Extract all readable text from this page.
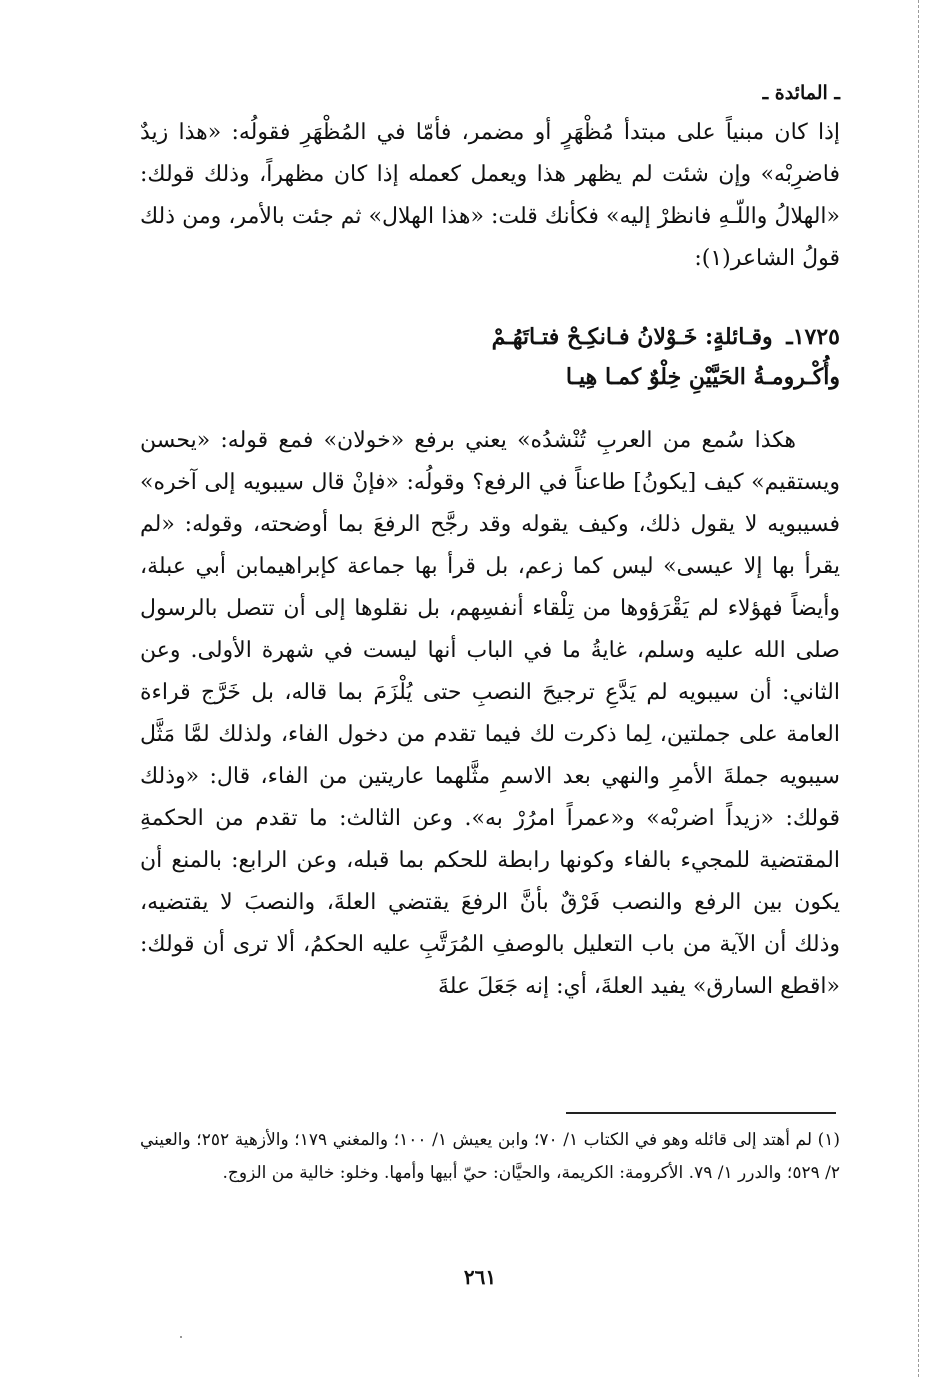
ـ المائدة ـ

إذا كان مبنياً على مبتدأ مُظْهَرٍ أو مضمر، فأمّا في المُظْهَرِ فقولُه: «هذا زيدٌ فاضرِبْه» وإن شئت لم يظهر هذا ويعمل كعمله إذا كان مظهراً، وذلك قولك: «الهلالُ واللّـهِ فانظرْ إليه» فكأنك قلت: «هذا الهلال» ثم جئت بالأمر، ومن ذلك قولُ الشاعر(١):

١٧٢٥ـ وقـائلةٍ: خَـوْلانُ فـانكِـحْ فتـاتَهُـمْ
وأُكْـرومـةُ الحَيَّيْنِ خِلْوٌ كمـا هِيـا

هكذا سُمع من العربِ تُنْشدُه» يعني برفع «خولان» فمع قوله: «يحسن ويستقيم» كيف [يكونُ] طاعناً في الرفع؟ وقولُه: «فإنْ قال سيبويه إلى آخره» فسيبويه لا يقول ذلك، وكيف يقوله وقد رجَّح الرفعَ بما أوضحته، وقوله: «لم يقرأ بها إلا عيسى» ليس كما زعم، بل قرأ بها جماعة كإبراهيمابن أبي عبلة، وأيضاً فهؤلاء لم يَقْرَؤوها من تِلْقاء أنفسِهم، بل نقلوها إلى أن تتصل بالرسول صلى الله عليه وسلم، غايةُ ما في الباب أنها ليست في شهرة الأولى. وعن الثاني: أن سيبويه لم يَدَّعِ ترجيحَ النصبِ حتى يُلْزَمَ بما قاله، بل خَرَّج قراءة العامة على جملتين، لِما ذكرت لك فيما تقدم من دخول الفاء، ولذلك لمَّا مَثَّل سيبويه جملةَ الأمرِ والنهي بعد الاسمِ مثَّلهما عاريتين من الفاء، قال: «وذلك قولك: «زيداً اضربْه» و«عمراً امرُرْ به». وعن الثالث: ما تقدم من الحكمةِ المقتضية للمجيء بالفاء وكونها رابطة للحكم بما قبله، وعن الرابع: بالمنع أن يكون بين الرفع والنصب فَرْقٌ بأنَّ الرفعَ يقتضي العلةَ، والنصبَ لا يقتضيه، وذلك أن الآية من باب التعليل بالوصفِ المُرَتَّبِ عليه الحكمُ، ألا ترى أن قولك: «اقطع السارق» يفيد العلةَ، أي: إنه جَعَلَ علةَ

(١) لم أهتد إلى قائله وهو في الكتاب ١/ ٧٠؛ وابن يعيش ١/ ١٠٠؛ والمغني ١٧٩؛ والأزهية ٢٥٢؛ والعيني ٢/ ٥٢٩؛ والدرر ١/ ٧٩. الأكرومة: الكريمة، والحيَّان: حيّ أبيها وأمها. وخلو: خالية من الزوج.

٢٦١
